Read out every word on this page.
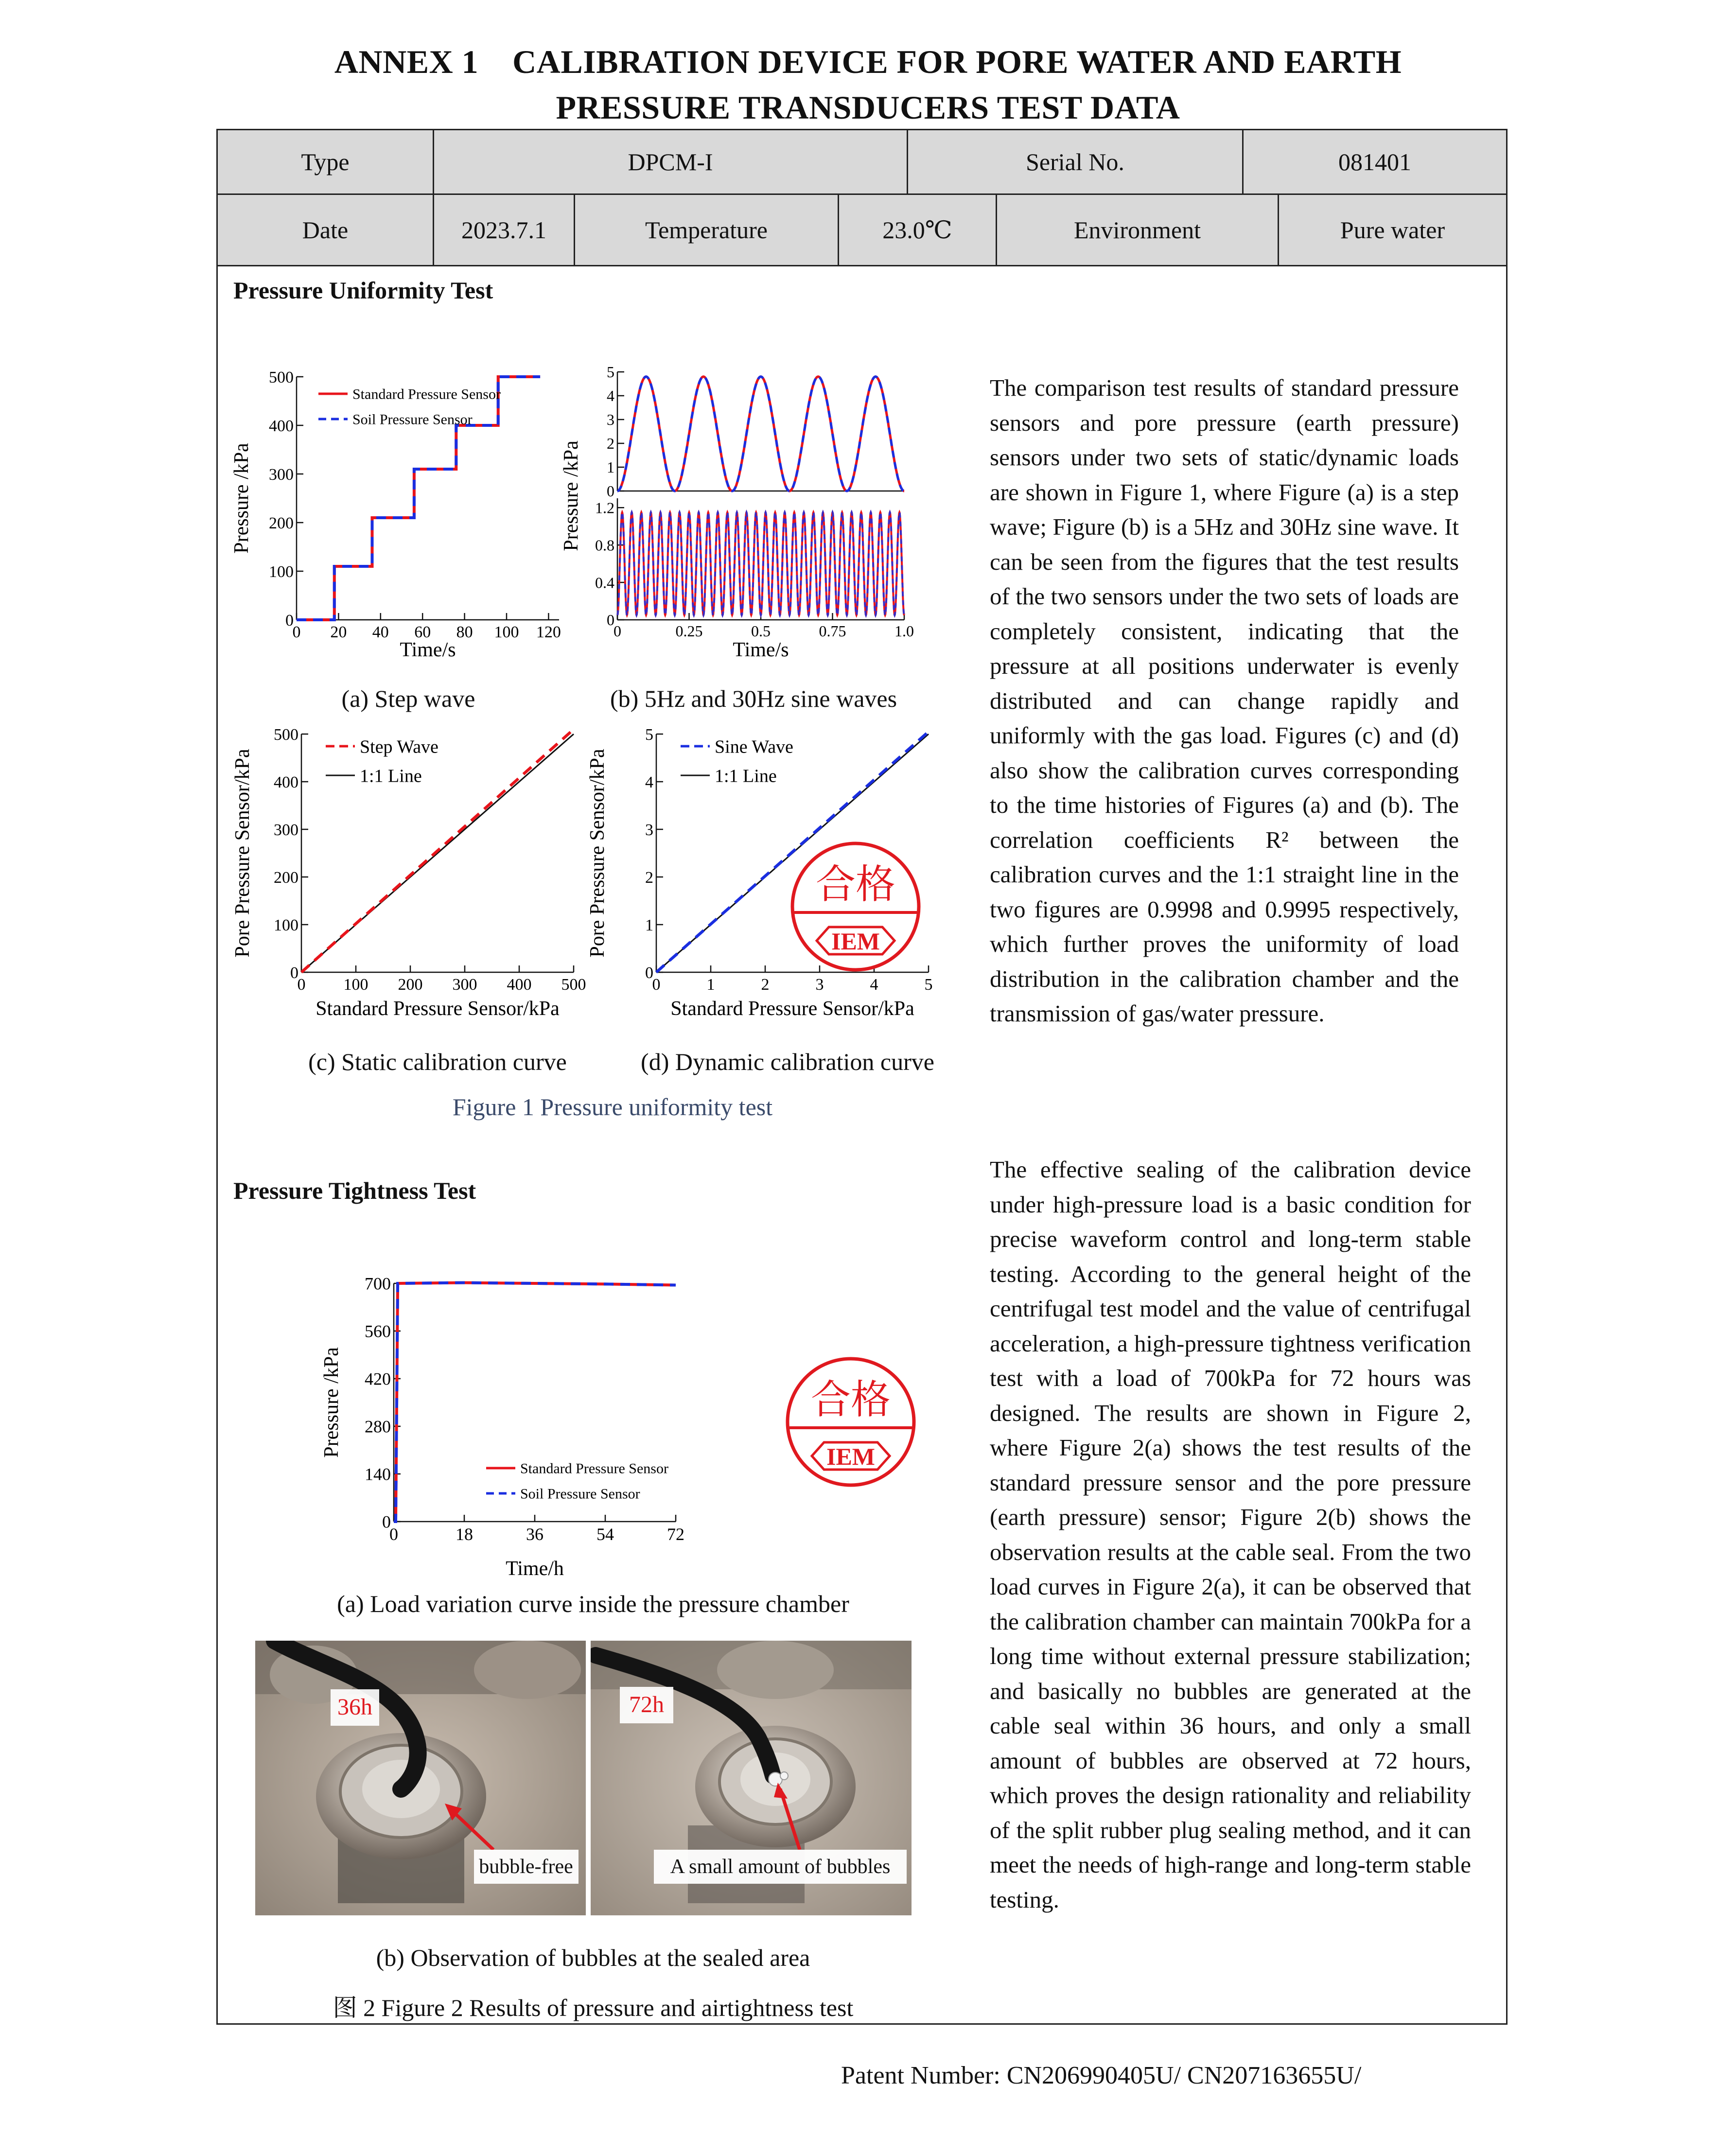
ANNEX 1    CALIBRATION DEVICE FOR PORE WATER AND EARTH
PRESSURE TRANSDUCERS TEST DATA
Type	DPCM-I	Serial No.	081401
Date	2023.7.1	Temperature	23.0℃	Environment	Pure water
Pressure Uniformity Test
0 20 40 60 80 100 120
0
100
200
300
400
500
Standard Pressure Sensor
Soil Pressure Sensor
Time/s
Pressure /kPa	0
1
2
3
4
5
0	0.25	0.5	0.75	1.0
0
0.4
0.8
1.2
Time/s
Pressure /kPa
0 100 200 300 400 500
0
100
200
300
400
500
Step Wave
1:1 Line
Standard Pressure Sensor/kPa
Pore Pressure Sensor/kPa
0	1	2	3	4	5
0
1
2
3
4
5
Sine Wave
1:1 Line
Standard Pressure Sensor/kPa
Pore Pressure Sensor/kPa
(a) Step wave	(b) 5Hz and 30Hz sine waves
(c) Static calibration curve	(d) Dynamic calibration curve
Figure 1 Pressure uniformity test
合格
IEM
The comparison test results of standard pressure sensors and pore pressure (earth pressure) sensors under two sets of static/dynamic loads are shown in Figure 1, where Figure (a) is a step wave; Figure (b) is a 5Hz and 30Hz sine wave. It can be seen from the figures that the test results of the two sensors under the two sets of loads are completely consistent, indicating that the pressure at all positions underwater is evenly distributed and can change rapidly and uniformly with the gas load. Figures (c) and (d) also show the calibration curves corresponding to the time histories of Figures (a) and (b). The correlation coefficients R² between the calibration curves and the 1:1 straight line in the two figures are 0.9998 and 0.9995 respectively, which further proves the uniformity of load distribution in the calibration chamber and the transmission of gas/water pressure.
Pressure Tightness Test
0	18	36	54	72
0
140
280
420
560
700
Standard Pressure Sensor
Soil Pressure Sensor
Time/h
Pressure /kPa	合格
IEM
(a) Load variation curve inside the pressure chamber
36h
bubble-free
72h
A small amount of bubbles
(b) Observation of bubbles at the sealed area
图 2 Figure 2 Results of pressure and airtightness test
The effective sealing of the calibration device under high-pressure load is a basic condition for precise waveform control and long-term stable testing. According to the general height of the centrifugal test model and the value of centrifugal acceleration, a high-pressure tightness verification test with a load of 700kPa for 72 hours was designed. The results are shown in Figure 2, where Figure 2(a) shows the test results of the standard pressure sensor and the pore pressure (earth pressure) sensor; Figure 2(b) shows the observation results at the cable seal. From the two load curves in Figure 2(a), it can be observed that the calibration chamber can maintain 700kPa for a long time without external pressure stabilization; and basically no bubbles are generated at the cable seal within 36 hours, and only a small amount of bubbles are observed at 72 hours, which proves the design rationality and reliability of the split rubber plug sealing method, and it can meet the needs of high-range and long-term stable testing.
Patent Number: CN206990405U/ CN207163655U/
